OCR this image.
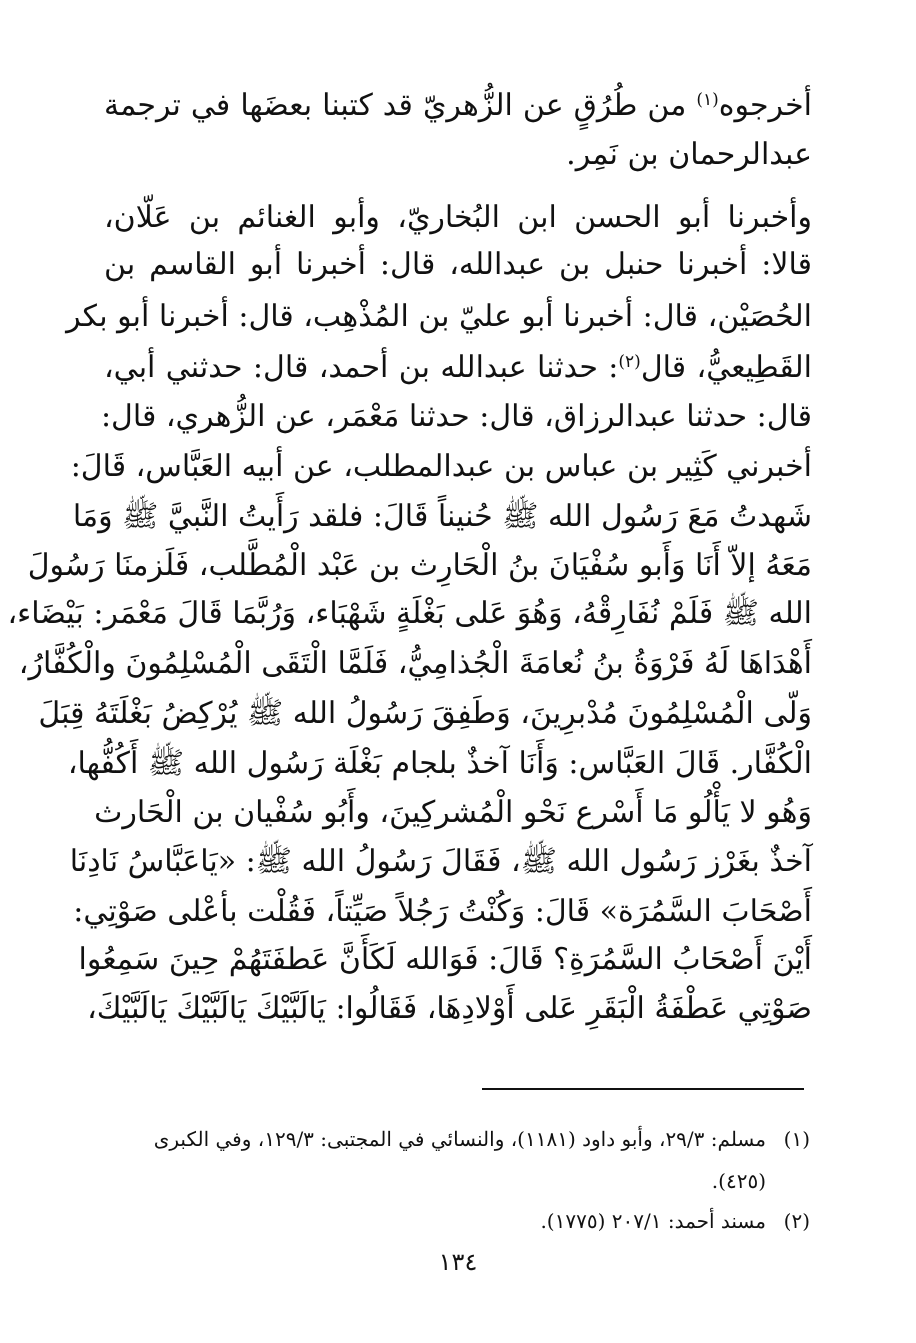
أخرجوه$^{(١)}$ من طُرُقٍ عن الزُّهريّ قد كتبنا بعضَها في ترجمة
عبدالرحمان بن نَمِر.
وأخبرنا أبو الحسن ابن البُخاريّ، وأبو الغنائم بن عَلّان،
قالا: أخبرنا حنبل بن عبدالله، قال: أخبرنا أبو القاسم بن
الحُصَيْن، قال: أخبرنا أبو عليّ بن المُذْهِب، قال: أخبرنا أبو بكر
القَطِيعيُّ، قال$^{(٢)}$: حدثنا عبدالله بن أحمد، قال: حدثني أبي،
قال: حدثنا عبدالرزاق، قال: حدثنا مَعْمَر، عن الزُّهري، قال:
أخبرني كَثِير بن عباس بن عبدالمطلب، عن أبيه العَبَّاس، قَالَ:
شَهدتُ مَعَ رَسُول الله ﷺ حُنيناً قَالَ: فلقد رَأَيتُ النَّبيَّ ﷺ وَمَا
مَعَهُ إلاّ أَنَا وَأَبو سُفْيَانَ بنُ الْحَارِث بن عَبْد الْمُطَّلب، فَلَزمنَا رَسُولَ
الله ﷺ فَلَمْ نُفَارِقْهُ، وَهُوَ عَلى بَغْلَةٍ شَهْبَاء، وَرُبَّمَا قَالَ مَعْمَر: بَيْضَاء،
أَهْدَاهَا لَهُ فَرْوَةُ بنُ نُعامَةَ الْجُذامِيُّ، فَلَمَّا الْتَقَى الْمُسْلِمُونَ والْكُفَّارُ،
وَلّى الْمُسْلِمُونَ مُدْبرِينَ، وَطَفِقَ رَسُولُ الله ﷺ يُرْكِضُ بَغْلَتَهُ قِبَلَ
الْكُفَّار. قَالَ العَبَّاس: وَأَنَا آخذٌ بلجام بَغْلَة رَسُول الله ﷺ أَكُفُّها،
وَهُو لا يَأْلُو مَا أَسْرع نَحْو الْمُشركِينَ، وأَبُو سُفْيان بن الْحَارث
آخذٌ بغَرْز رَسُول الله ﷺ، فَقَالَ رَسُولُ الله ﷺ: «يَاعَبَّاسُ نَادِنَا
أَصْحَابَ السَّمُرَة» قَالَ: وَكُنْتُ رَجُلاً صَيِّتاً، فَقُلْت بأعْلى صَوْتِي:
أَيْنَ أَصْحَابُ السَّمُرَةِ؟ قَالَ: فَوَالله لَكَأَنَّ عَطفَتَهُمْ حِينَ سَمِعُوا
صَوْتِي عَطْفَةُ الْبَقَرِ عَلى أَوْلادِهَا، فَقَالُوا: يَالَبَّيْكَ يَالَبَّيْكَ يَالَبَّيْكَ،
(١)مسلم: ٢٩/٣، وأبو داود (١١٨١)، والنسائي في المجتبى: ١٢٩/٣، وفي الكبرى
(٤٢٥).
(٢)مسند أحمد: ٢٠٧/١ (١٧٧٥).
١٣٤
